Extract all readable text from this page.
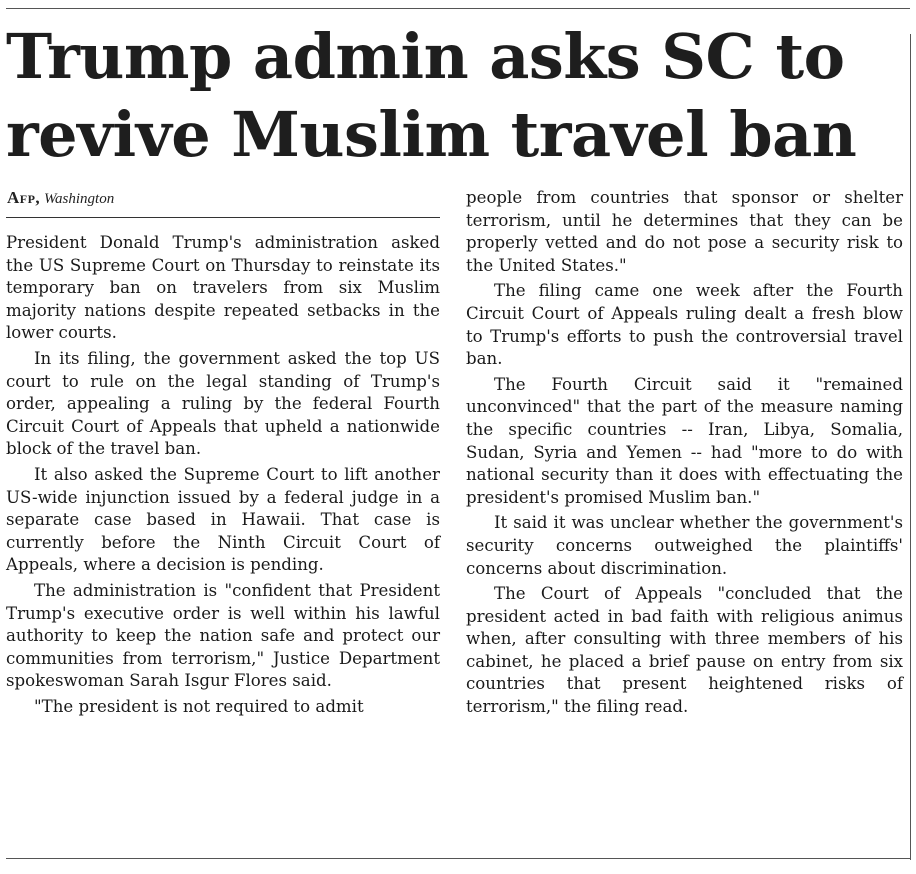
Trump admin asks SC to
revive Muslim travel ban
Afp, Washington

President Donald Trump's administration asked the US Supreme Court on Thursday to reinstate its temporary ban on travelers from six Muslim majority nations despite repeated setbacks in the lower courts.

In its filing, the government asked the top US court to rule on the legal standing of Trump's order, appealing a ruling by the federal Fourth Circuit Court of Appeals that upheld a nationwide block of the travel ban.

It also asked the Supreme Court to lift another US-wide injunction issued by a federal judge in a separate case based in Hawaii. That case is currently before the Ninth Circuit Court of Appeals, where a decision is pending.

The administration is "confident that President Trump's executive order is well within his lawful authority to keep the nation safe and protect our communities from terrorism," Justice Department spokeswoman Sarah Isgur Flores said.

"The president is not required to admit

people from countries that sponsor or shelter terrorism, until he determines that they can be properly vetted and do not pose a security risk to the United States."

The filing came one week after the Fourth Circuit Court of Appeals ruling dealt a fresh blow to Trump's efforts to push the controversial travel ban.

The Fourth Circuit said it "remained unconvinced" that the part of the measure naming the specific countries -- Iran, Libya, Somalia, Sudan, Syria and Yemen -- had "more to do with national security than it does with effectuating the president's promised Muslim ban."

It said it was unclear whether the government's security concerns outweighed the plaintiffs' concerns about discrimination.

The Court of Appeals "concluded that the president acted in bad faith with religious animus when, after consulting with three members of his cabinet, he placed a brief pause on entry from six countries that present heightened risks of terrorism," the filing read.
